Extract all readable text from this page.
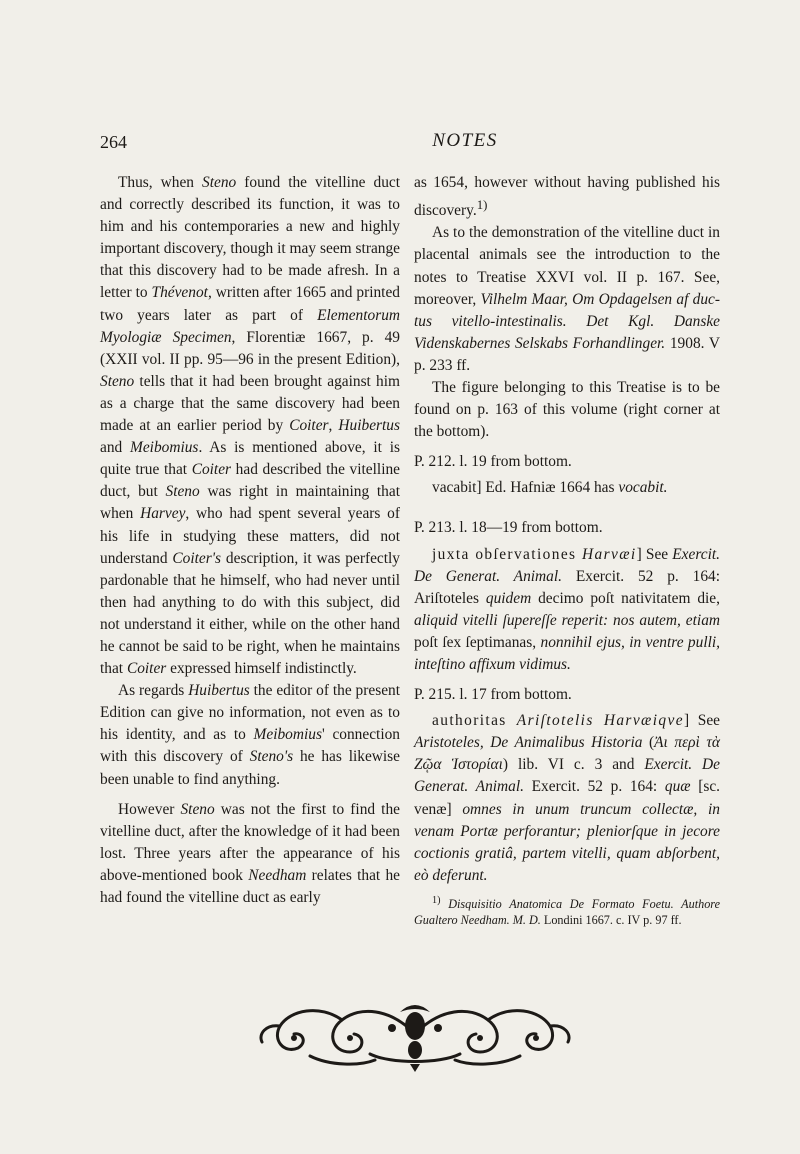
264	NOTES

Thus, when Steno found the vitelline duct and correctly described its function, it was to him and his contemporaries a new and highly important discovery, though it may seem strange that this discovery had to be made afresh. In a letter to Thévenot, written after 1665 and printed two years later as part of Elementorum Myologiæ Specimen, Florentiæ 1667, p. 49 (XXII vol. II pp. 95—96 in the present Edition), Steno tells that it had been brought against him as a charge that the same discovery had been made at an earlier period by Coiter, Huibertus and Meibomius. As is mentioned above, it is quite true that Coiter had described the vitelline duct, but Steno was right in maintaining that when Harvey, who had spent several years of his life in studying these matters, did not understand Coiter's description, it was perfectly pardonable that he himself, who had never until then had anything to do with this subject, did not understand it either, while on the other hand he cannot be said to be right, when he maintains that Coiter expressed himself indistinctly.

As regards Huibertus the editor of the present Edition can give no information, not even as to his identity, and as to Meibomius' connection with this discovery of Steno's he has likewise been unable to find anything.

However Steno was not the first to find the vitelline duct, after the knowledge of it had been lost. Three years after the appearance of his above-mentioned book Needham relates that he had found the vitelline duct as early

as 1654, however without having published his discovery.$^{1)}$

As to the demonstration of the vitelline duct in placental animals see the introduction to the notes to Treatise XXVI vol. II p. 167. See, moreover, Vilhelm Maar, Om Opdagelsen af ductus vitello-intestinalis. Det Kgl. Danske Videnskabernes Selskabs Forhandlinger. 1908. V p. 233 ff.

The figure belonging to this Treatise is to be found on p. 163 of this volume (right corner at the bottom).

P. 212. l. 19 from bottom.

vacabit] Ed. Hafniæ 1664 has vocabit.

P. 213. l. 18—19 from bottom.

juxta obſervationes Harvæi] See Exercit. De Generat. Animal. Exercit. 52 p. 164: Ariſtoteles quidem decimo poſt nativitatem die, aliquid vitelli ſupereſſe reperit: nos autem, etiam poſt ſex ſeptimanas, nonnihil ejus, in ventre pulli, inteſtino affixum vidimus.

P. 215. l. 17 from bottom.

authoritas Ariſtotelis Harvæiqve] See Aristoteles, De Animalibus Historia (Ἀι περὶ τὰ Ζῷα Ἱστορίαι) lib. VI c. 3 and Exercit. De Generat. Animal. Exercit. 52 p. 164: quæ [sc. venæ] omnes in unum truncum collectæ, in venam Portæ perforantur; pleniorſque in jecore coctionis gratiâ, partem vitelli, quam abſorbent, eò deferunt.

$^{1)}$ Disquisitio Anatomica De Formato Foetu. Authore Gualtero Needham. M. D. Londini 1667. c. IV p. 97 ff.
